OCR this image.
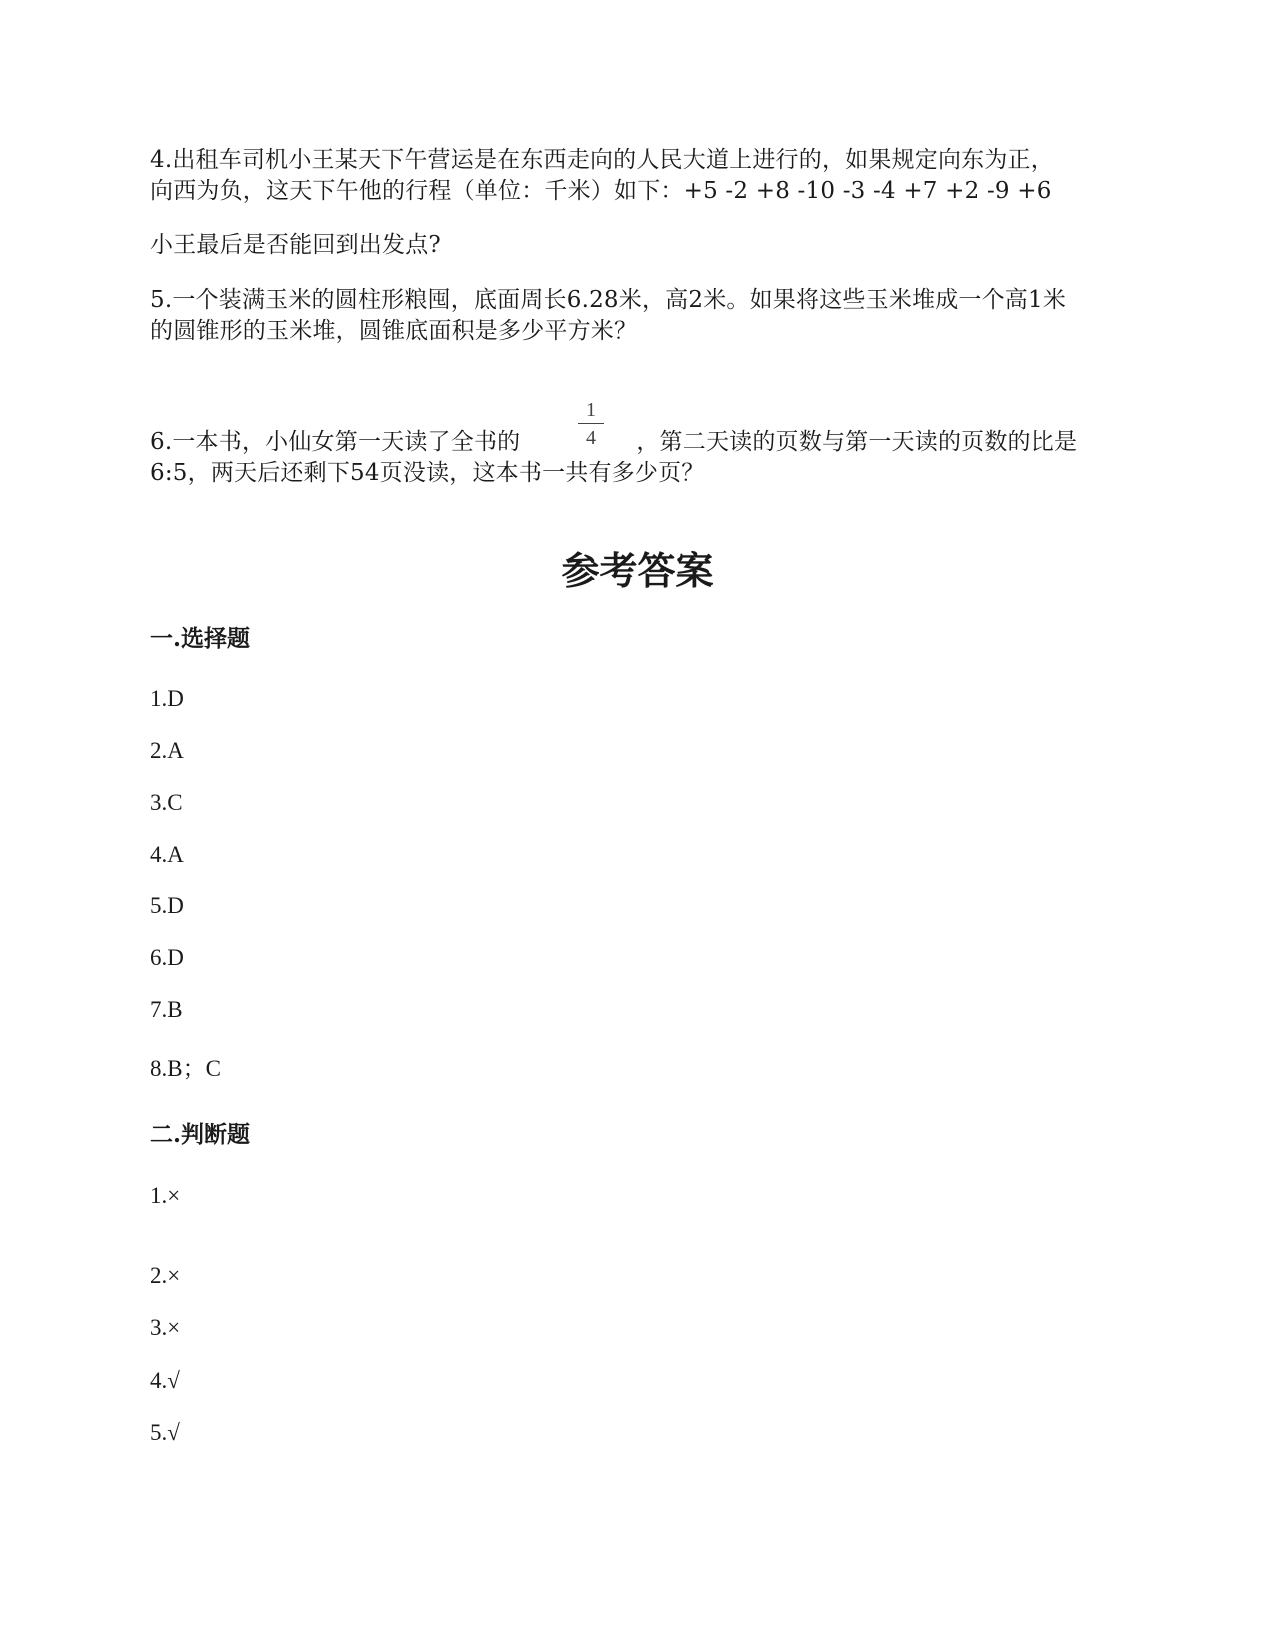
4.出租车司机小王某天下午营运是在东西走向的人民大道上进行的，如果规定向东为正，
向西为负，这天下午他的行程（单位：千米）如下：+5 -2 +8 -10 -3 -4 +7 +2 -9 +6
小王最后是否能回到出发点?
5.一个装满玉米的圆柱形粮囤，底面周长6.28米，高2米。如果将这些玉米堆成一个高1米
的圆锥形的玉米堆，圆锥底面积是多少平方米？
1
4
6.一本书，小仙女第一天读了全书的	，第二天读的页数与第一天读的页数的比是
6:5，两天后还剩下54页没读，这本书一共有多少页？
参考答案
一.选择题
1.D
2.A
3.C
4.A
5.D
6.D
7.B
8.B；C
二.判断题
1.×
2.×
3.×
4.√
5.√
